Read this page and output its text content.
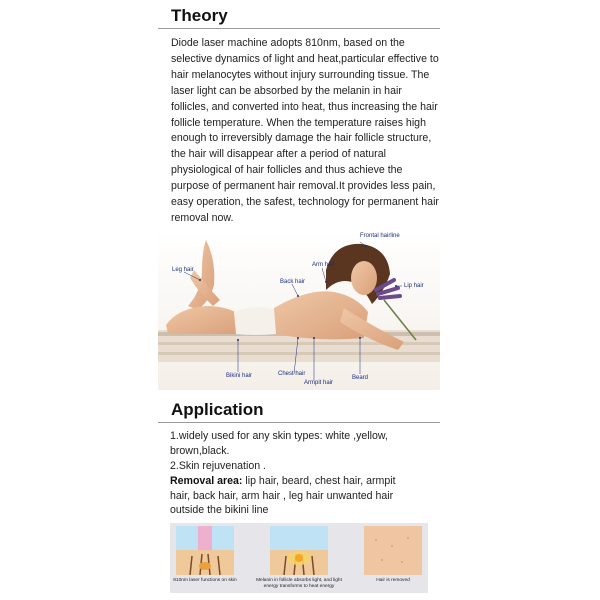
Theory

Diode laser machine adopts 810nm, based on the selective dynamics of light and heat,particular effective to hair melanocytes without injury surrounding tissue. The laser light can be absorbed by the melanin in hair follicles, and converted into heat, thus increasing the hair follicle temperature. When the temperature raises high enough to irreversibly damage the hair follicle structure, the hair will disappear after a period of natural physiological of hair follicles and thus achieve the purpose of permanent hair removal.It provides less pain, easy operation, the safest, technology for permanent hair removal now.

Frontal hairline
Leg hair
Arm hair
Back hair
Lip hair
Bikini hair	Chest hair
Armpit hair
Beard
Application
1.widely used for any skin types: white ,yellow, brown,black.
2.Skin rejuvenation .
Removal area: lip hair, beard, chest hair, armpit hair, back hair, arm hair , leg hair unwanted hair outside the bikini line
810nm laser functions on skin	Melanin in follicle absorbs light, and light energy transforms to heat energy
Hair is removed
